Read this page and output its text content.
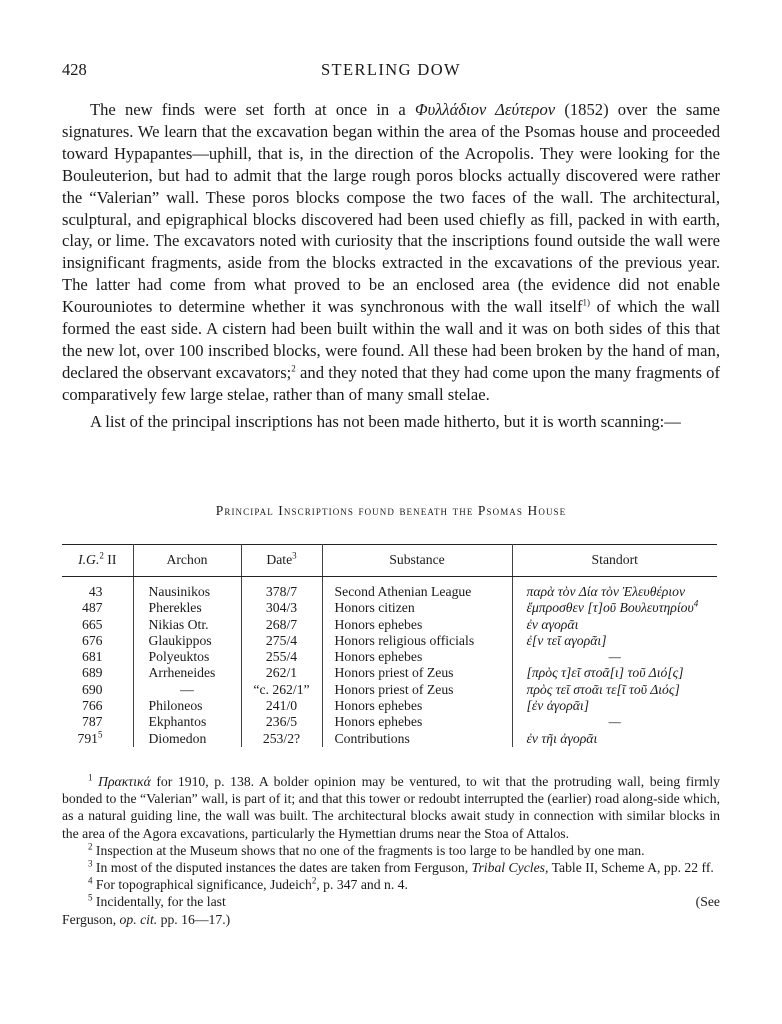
428	STERLING DOW

The new finds were set forth at once in a Φυλλάδιον Δεύτερον (1852) over the same signatures. We learn that the excavation began within the area of the Psomas house and proceeded toward Hypapantes—uphill, that is, in the direction of the Acropolis. They were looking for the Bouleuterion, but had to admit that the large rough poros blocks actually discovered were rather the “Valerian” wall. These poros blocks compose the two faces of the wall. The architectural, sculptural, and epigraphical blocks discovered had been used chiefly as fill, packed in with earth, clay, or lime. The excavators noted with curiosity that the inscriptions found outside the wall were insignificant fragments, aside from the blocks extracted in the excavations of the previous year. The latter had come from what proved to be an enclosed area (the evidence did not enable Kourouniotes to determine whether it was synchronous with the wall itself$^{1)}$ of which the wall formed the east side. A cistern had been built within the wall and it was on both sides of this that the new lot, over 100 inscribed blocks, were found. All these had been broken by the hand of man, declared the observant excavators;$^2$ and they noted that they had come upon the many fragments of comparatively few large stelae, rather than of many small stelae.

A list of the principal inscriptions has not been made hitherto, but it is worth scanning:—

Principal Inscriptions found beneath the Psomas House
I.G.$^2$ II	Archon	Date$^3$	Substance	Standort
43	Nausinikos	378/7	Second Athenian League	παρὰ τὸν Δία τὸν Ἐλευθέριον
487	Pherekles	304/3	Honors citizen	ἔμπροσθεν [τ]οῦ Βουλευτηρίου$^4$
665	Nikias Otr.	268/7	Honors ephebes	ἐν αγορᾶι
676	Glaukippos	275/4	Honors religious officials	ἐ[ν τεῖ αγορᾶι]
681	Polyeuktos	255/4	Honors ephebes	—
689	Arrheneides	262/1	Honors priest of Zeus	[πρὸς τ]εῖ στοᾶ[ι] τοῦ Διό[ς]
690	—	“c. 262/1”	Honors priest of Zeus	πρὸς τεῖ στοᾶι τε[ῖ τοῦ Διός]
766	Philoneos	241/0	Honors ephebes	[ἐν ἀγορᾶι]
787	Ekphantos	236/5	Honors ephebes	—
$791^5$	Diomedon	253/2?	Contributions	ἐν τῆι ἀγορᾶι

$^1$ Πρακτικά for 1910, p. 138. A bolder opinion may be ventured, to wit that the protruding wall, being firmly bonded to the “Valerian” wall, is part of it; and that this tower or redoubt interrupted the (earlier) road along-side which, as a natural guiding line, the wall was built. The architectural blocks await study in connection with similar blocks in the area of the Agora excavations, particularly the Hymettian drums near the Stoa of Attalos.

$^2$ Inspection at the Museum shows that no one of the fragments is too large to be handled by one man.

$^3$ In most of the disputed instances the dates are taken from Ferguson, Tribal Cycles, Table II, Scheme A, pp. 22 ff.

$^4$ For topographical significance, Judeich$^2$, p. 347 and n. 4.

$^5$ Incidentally, for the last	(See

Ferguson, op. cit. pp. 16—17.)
